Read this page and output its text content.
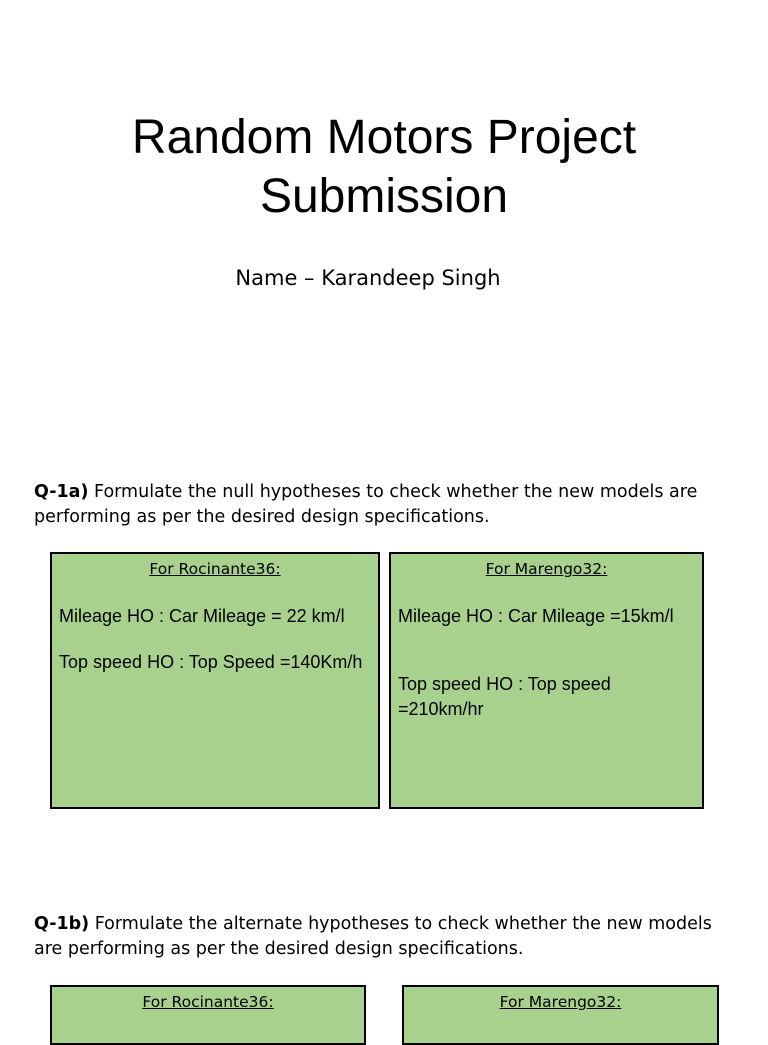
Random Motors Project
Submission
Name – Karandeep Singh
Q-1a) Formulate the null hypotheses to check whether the new models are performing as per the desired design specifications.
For Rocinante36:
Mileage HO : Car Mileage = 22 km/l
Top speed HO : Top Speed =140Km/h
For Marengo32:
Mileage HO : Car Mileage =15km/l
Top speed HO : Top speed =210km/hr
Q-1b) Formulate the alternate hypotheses to check whether the new models are performing as per the desired design specifications.
For Rocinante36:	For Marengo32:
